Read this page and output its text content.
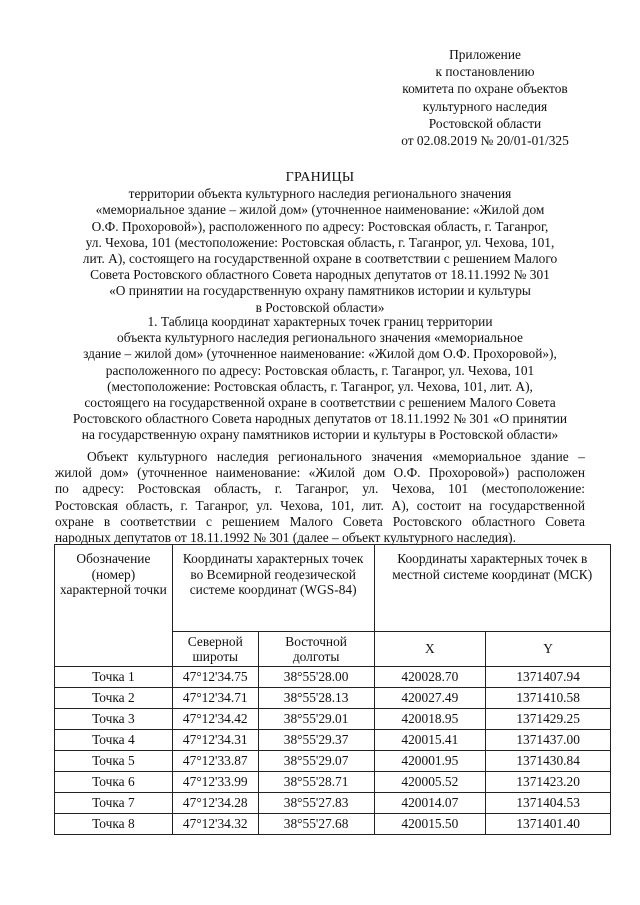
Приложение
к постановлению
комитета по охране объектов
культурного наследия
Ростовской области
от 02.08.2019 № 20/01-01/325
ГРАНИЦЫ
территории объекта культурного наследия регионального значения
«мемориальное здание – жилой дом» (уточненное наименование: «Жилой дом
О.Ф. Прохоровой»), расположенного по адресу: Ростовская область, г. Таганрог,
ул. Чехова, 101 (местоположение: Ростовская область, г. Таганрог, ул. Чехова, 101,
лит. А), состоящего на государственной охране в соответствии с решением Малого
Совета Ростовского областного Совета народных депутатов от 18.11.1992 № 301
«О принятии на государственную охрану памятников истории и культуры
в Ростовской области»
1. Таблица координат характерных точек границ территории
объекта культурного наследия регионального значения «мемориальное
здание – жилой дом» (уточненное наименование: «Жилой дом О.Ф. Прохоровой»),
расположенного по адресу: Ростовская область, г. Таганрог, ул. Чехова, 101
(местоположение: Ростовская область, г. Таганрог, ул. Чехова, 101, лит. А),
состоящего на государственной охране в соответствии с решением Малого Совета
Ростовского областного Совета народных депутатов от 18.11.1992 № 301 «О принятии
на государственную охрану памятников истории и культуры в Ростовской области»
Объект культурного наследия регионального значения «мемориальное здание –
жилой дом» (уточненное наименование: «Жилой дом О.Ф. Прохоровой») расположен
по адресу: Ростовская область, г. Таганрог, ул. Чехова, 101 (местоположение:
Ростовская область, г. Таганрог, ул. Чехова, 101, лит. А), состоит на государственной
охране в соответствии с решением Малого Совета Ростовского областного Совета
народных депутатов от 18.11.1992 № 301 (далее – объект культурного наследия).
Обозначение (номер) характерной точки	Координаты характерных точек во Всемирной геодезической системе координат (WGS-84)		Координаты характерных точек в местной системе координат (МСК)	
	Северной широты	Восточной долготы	X	Y
Точка 1	47°12'34.75	38°55'28.00	420028.70	1371407.94
Точка 2	47°12'34.71	38°55'28.13	420027.49	1371410.58
Точка 3	47°12'34.42	38°55'29.01	420018.95	1371429.25
Точка 4	47°12'34.31	38°55'29.37	420015.41	1371437.00
Точка 5	47°12'33.87	38°55'29.07	420001.95	1371430.84
Точка 6	47°12'33.99	38°55'28.71	420005.52	1371423.20
Точка 7	47°12'34.28	38°55'27.83	420014.07	1371404.53
Точка 8	47°12'34.32	38°55'27.68	420015.50	1371401.40
